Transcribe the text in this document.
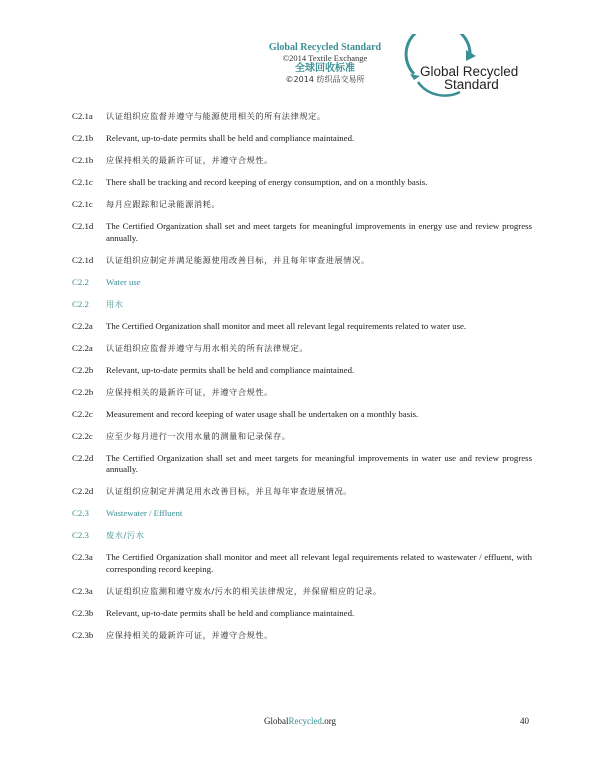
Global Recycled Standard
©2014 Textile Exchange
全球回收标准
©2014 纺织品交易所
Global Recycled
Standard
C2.1a	认证组织应监督并遵守与能源使用相关的所有法律规定。
C2.1b	Relevant, up-to-date permits shall be held and compliance maintained.
C2.1b	应保持相关的最新许可证，并遵守合规性。
C2.1c	There shall be tracking and record keeping of energy consumption, and on a monthly basis.
C2.1c	每月应跟踪和记录能源消耗。
C2.1d	The Certified Organization shall set and meet targets for meaningful improvements in energy use and review progress annually.
C2.1d	认证组织应制定并满足能源使用改善目标，并且每年审查进展情况。
C2.2	Water use
C2.2	用水
C2.2a	The Certified Organization shall monitor and meet all relevant legal requirements related to water use.
C2.2a	认证组织应监督并遵守与用水相关的所有法律规定。
C2.2b	Relevant, up-to-date permits shall be held and compliance maintained.
C2.2b	应保持相关的最新许可证，并遵守合规性。
C2.2c	Measurement and record keeping of water usage shall be undertaken on a monthly basis.
C2.2c	应至少每月进行一次用水量的测量和记录保存。
C2.2d	The Certified Organization shall set and meet targets for meaningful improvements in water use and review progress annually.
C2.2d	认证组织应制定并满足用水改善目标，并且每年审查进展情况。
C2.3	Wastewater / Effluent
C2.3	废水/污水
C2.3a	The Certified Organization shall monitor and meet all relevant legal requirements related to wastewater / effluent, with corresponding record keeping.
C2.3a	认证组织应监测和遵守废水/污水的相关法律规定，并保留相应的记录。
C2.3b	Relevant, up-to-date permits shall be held and compliance maintained.
C2.3b	应保持相关的最新许可证，并遵守合规性。
GlobalRecycled.org	40
